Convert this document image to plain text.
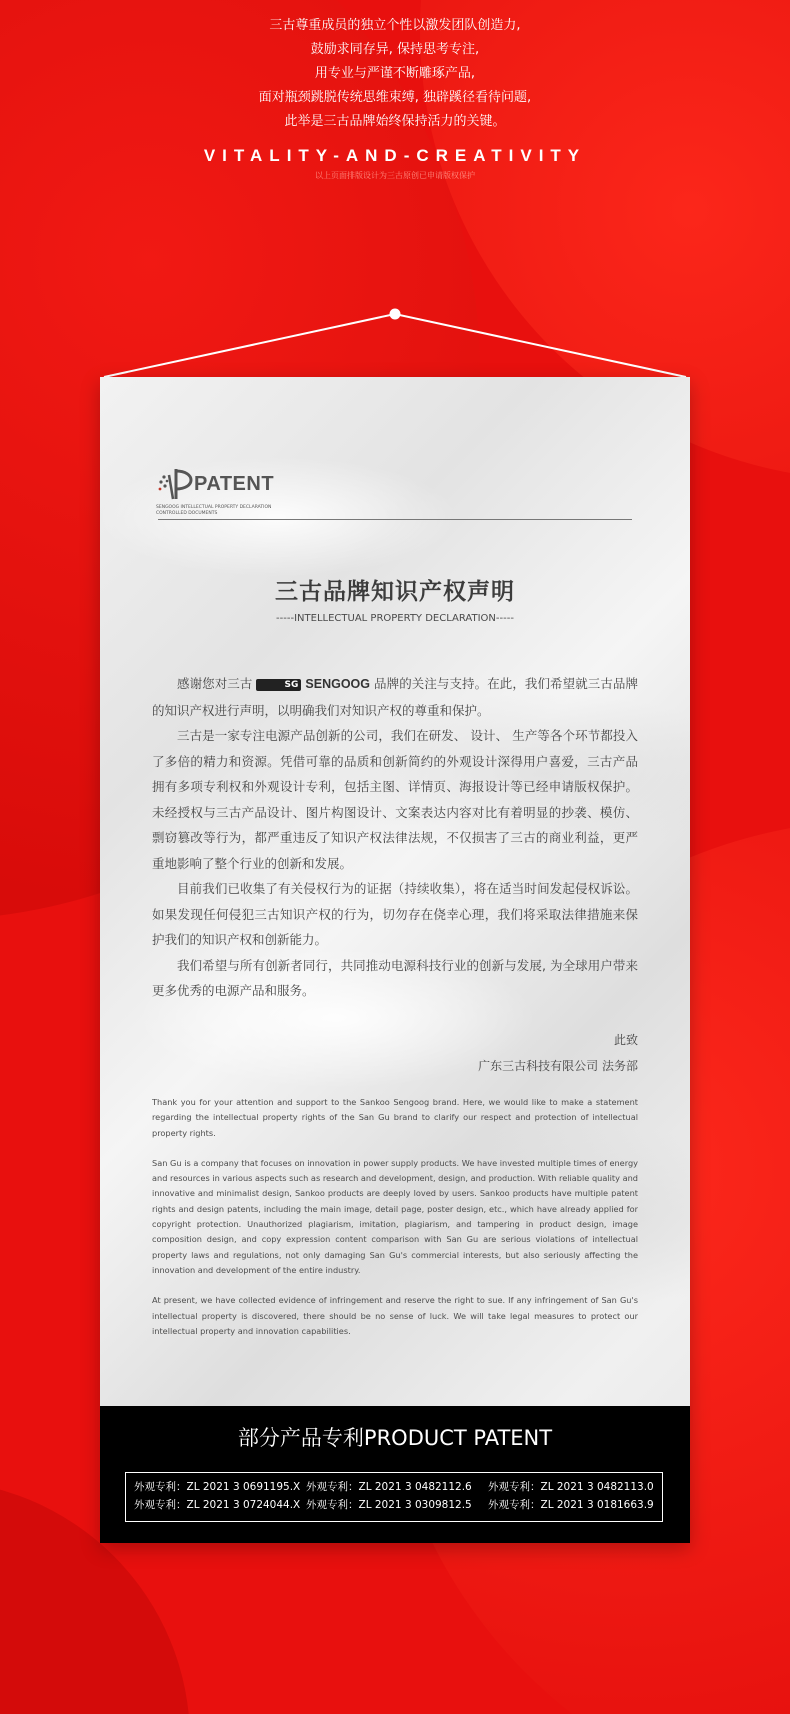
三古尊重成员的独立个性以激发团队创造力,
鼓励求同存异, 保持思考专注,
用专业与严谨不断雕琢产品,
面对瓶颈跳脱传统思维束缚, 独辟蹊径看待问题,
此举是三古品牌始终保持活力的关键。
VITALITY-AND-CREATIVITY
以上页面排版设计为三古原创已申请版权保护
PATENT
SENGOOG INTELLECTUAL PROPERTY DECLARATION
CONTROLLED DOCUMENTS
三古品牌知识产权声明
-----INTELLECTUAL PROPERTY DECLARATION-----

感谢您对三古	SG SENGOOG 品牌的关注与支持。在此，我们希望就三古品牌的知识产权进行声明，以明确我们对知识产权的尊重和保护。

三古是一家专注电源产品创新的公司，我们在研发、 设计、 生产等各个环节都投入了多倍的精力和资源。凭借可靠的品质和创新简约的外观设计深得用户喜爱，三古产品拥有多项专利权和外观设计专利，包括主图、详情页、海报设计等已经申请版权保护。未经授权与三古产品设计、图片构图设计、文案表达内容对比有着明显的抄袭、模仿、剽窃篡改等行为，都严重违反了知识产权法律法规，不仅损害了三古的商业利益，更严重地影响了整个行业的创新和发展。

目前我们已收集了有关侵权行为的证据（持续收集），将在适当时间发起侵权诉讼。如果发现任何侵犯三古知识产权的行为，切勿存在侥幸心理，我们将采取法律措施来保护我们的知识产权和创新能力。

我们希望与所有创新者同行，共同推动电源科技行业的创新与发展, 为全球用户带来更多优秀的电源产品和服务。

此致
广东三古科技有限公司 法务部

Thank you for your attention and support to the Sankoo Sengoog brand. Here, we would like to make a statement regarding the intellectual property rights of the San Gu brand to clarify our respect and protection of intellectual property rights.

San Gu is a company that focuses on innovation in power supply products. We have invested multiple times of energy and resources in various aspects such as research and development, design, and production. With reliable quality and innovative and minimalist design, Sankoo products are deeply loved by users. Sankoo products have multiple patent rights and design patents, including the main image, detail page, poster design, etc., which have already applied for copyright protection. Unauthorized plagiarism, imitation, plagiarism, and tampering in product design, image composition design, and copy expression content comparison with San Gu are serious violations of intellectual property laws and regulations, not only damaging San Gu's commercial interests, but also seriously affecting the innovation and development of the entire industry.

At present, we have collected evidence of infringement and reserve the right to sue. If any infringement of San Gu's intellectual property is discovered, there should be no sense of luck. We will take legal measures to protect our intellectual property and innovation capabilities.

部分产品专利PRODUCT PATENT
外观专利：ZL 2021 3 0691195.X 外观专利：ZL 2021 3 0482112.6	外观专利：ZL 2021 3 0482113.0
外观专利：ZL 2021 3 0724044.X 外观专利：ZL 2021 3 0309812.5	外观专利：ZL 2021 3 0181663.9
